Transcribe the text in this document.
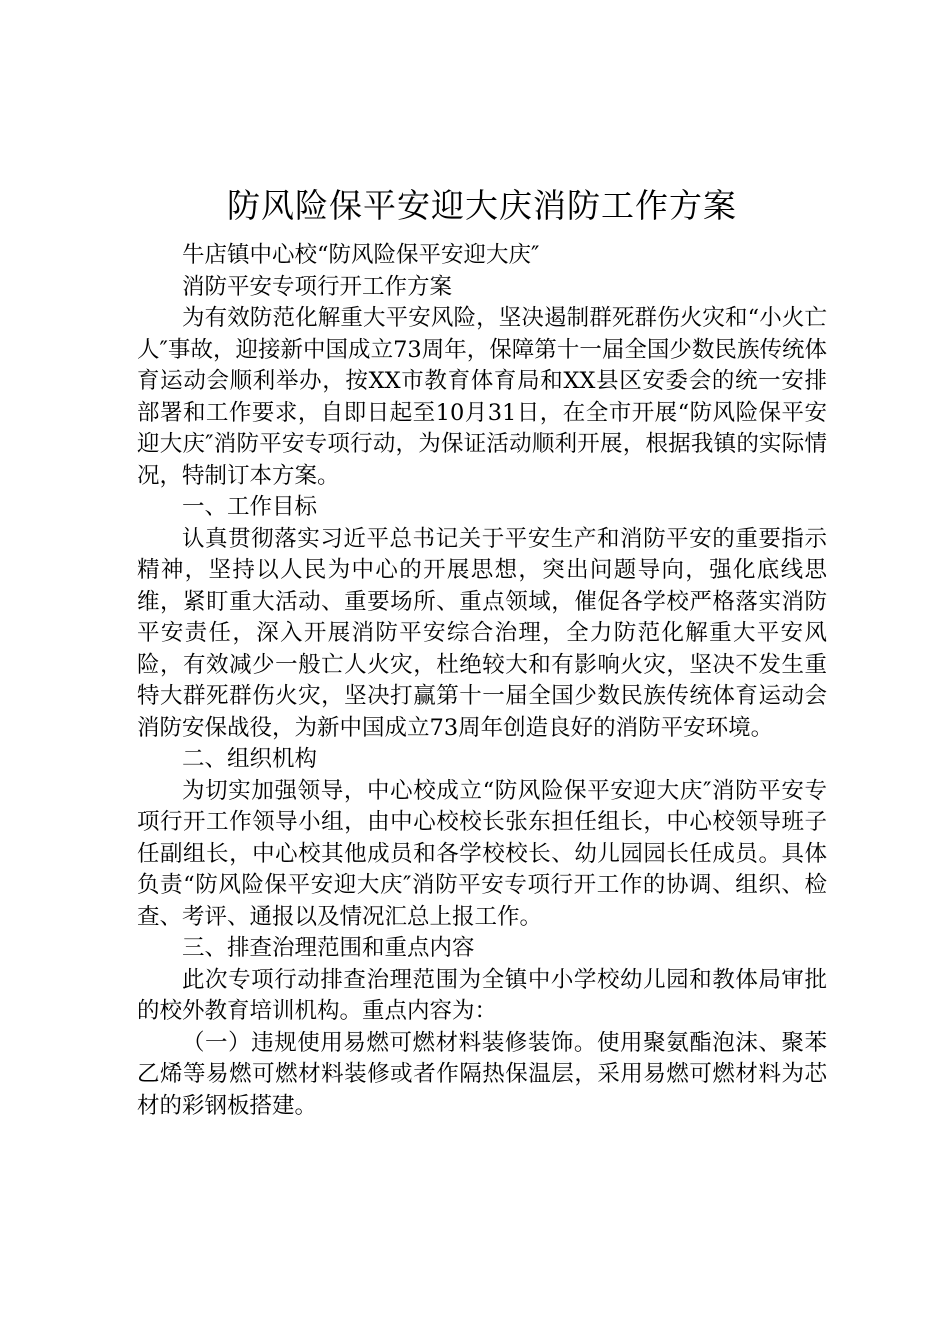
防风险保平安迎大庆消防工作方案

牛店镇中心校“防风险保平安迎大庆″

消防平安专项行开工作方案

为有效防范化解重大平安风险，坚决遏制群死群伤火灾和“小火亡人″事故，迎接新中国成立73周年，保障第十一届全国少数民族传统体育运动会顺利举办，按XX市教育体育局和XX县区安委会的统一安排部署和工作要求，自即日起至10月31日，在全市开展“防风险保平安迎大庆″消防平安专项行动，为保证活动顺利开展，根据我镇的实际情况，特制订本方案。

一、工作目标

认真贯彻落实习近平总书记关于平安生产和消防平安的重要指示精神，坚持以人民为中心的开展思想，突出问题导向，强化底线思维，紧盯重大活动、重要场所、重点领域，催促各学校严格落实消防平安责任，深入开展消防平安综合治理，全力防范化解重大平安风险，有效减少一般亡人火灾，杜绝较大和有影响火灾，坚决不发生重特大群死群伤火灾，坚决打赢第十一届全国少数民族传统体育运动会消防安保战役，为新中国成立73周年创造良好的消防平安环境。

二、组织机构

为切实加强领导，中心校成立“防风险保平安迎大庆″消防平安专项行开工作领导小组，由中心校校长张东担任组长，中心校领导班子任副组长，中心校其他成员和各学校校长、幼儿园园长任成员。具体负责“防风险保平安迎大庆″消防平安专项行开工作的协调、组织、检查、考评、通报以及情况汇总上报工作。

三、排查治理范围和重点内容

此次专项行动排查治理范围为全镇中小学校幼儿园和教体局审批的校外教育培训机构。重点内容为：

（一）违规使用易燃可燃材料装修装饰。使用聚氨酯泡沫、聚苯乙烯等易燃可燃材料装修或者作隔热保温层，采用易燃可燃材料为芯材的彩钢板搭建。
